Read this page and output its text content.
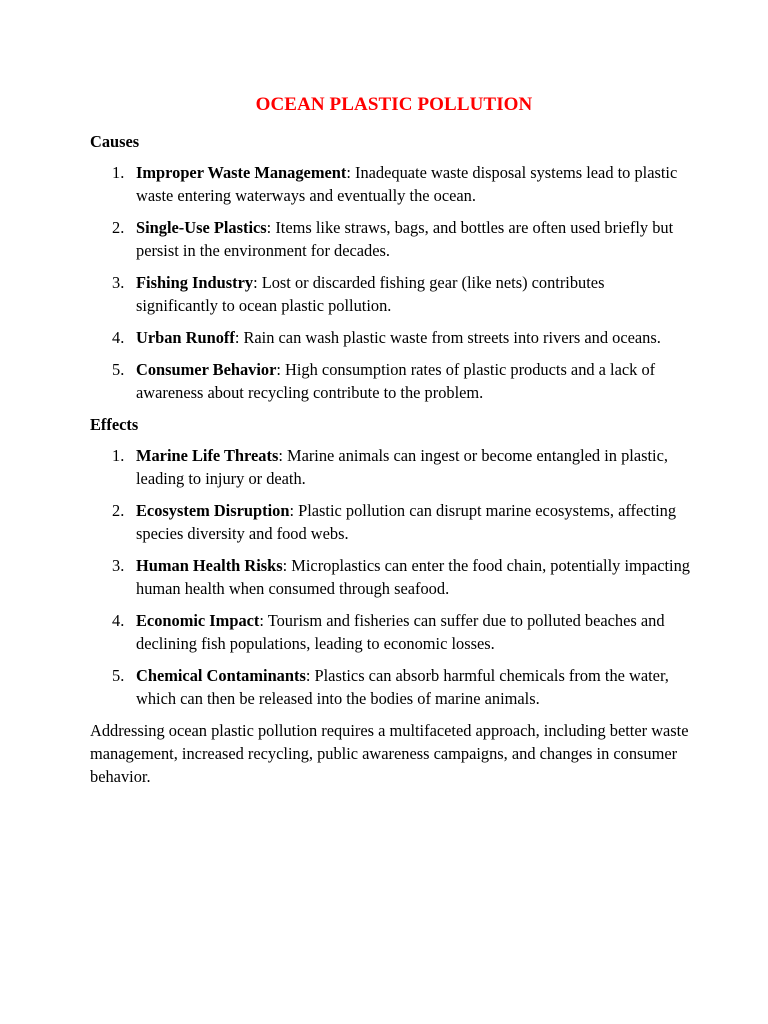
OCEAN PLASTIC POLLUTION
Causes
1. Improper Waste Management: Inadequate waste disposal systems lead to plastic waste entering waterways and eventually the ocean.
2. Single-Use Plastics: Items like straws, bags, and bottles are often used briefly but persist in the environment for decades.
3. Fishing Industry: Lost or discarded fishing gear (like nets) contributes significantly to ocean plastic pollution.
4. Urban Runoff: Rain can wash plastic waste from streets into rivers and oceans.
5. Consumer Behavior: High consumption rates of plastic products and a lack of awareness about recycling contribute to the problem.
Effects
1. Marine Life Threats: Marine animals can ingest or become entangled in plastic, leading to injury or death.
2. Ecosystem Disruption: Plastic pollution can disrupt marine ecosystems, affecting species diversity and food webs.
3. Human Health Risks: Microplastics can enter the food chain, potentially impacting human health when consumed through seafood.
4. Economic Impact: Tourism and fisheries can suffer due to polluted beaches and declining fish populations, leading to economic losses.
5. Chemical Contaminants: Plastics can absorb harmful chemicals from the water, which can then be released into the bodies of marine animals.

Addressing ocean plastic pollution requires a multifaceted approach, including better waste management, increased recycling, public awareness campaigns, and changes in consumer behavior.
